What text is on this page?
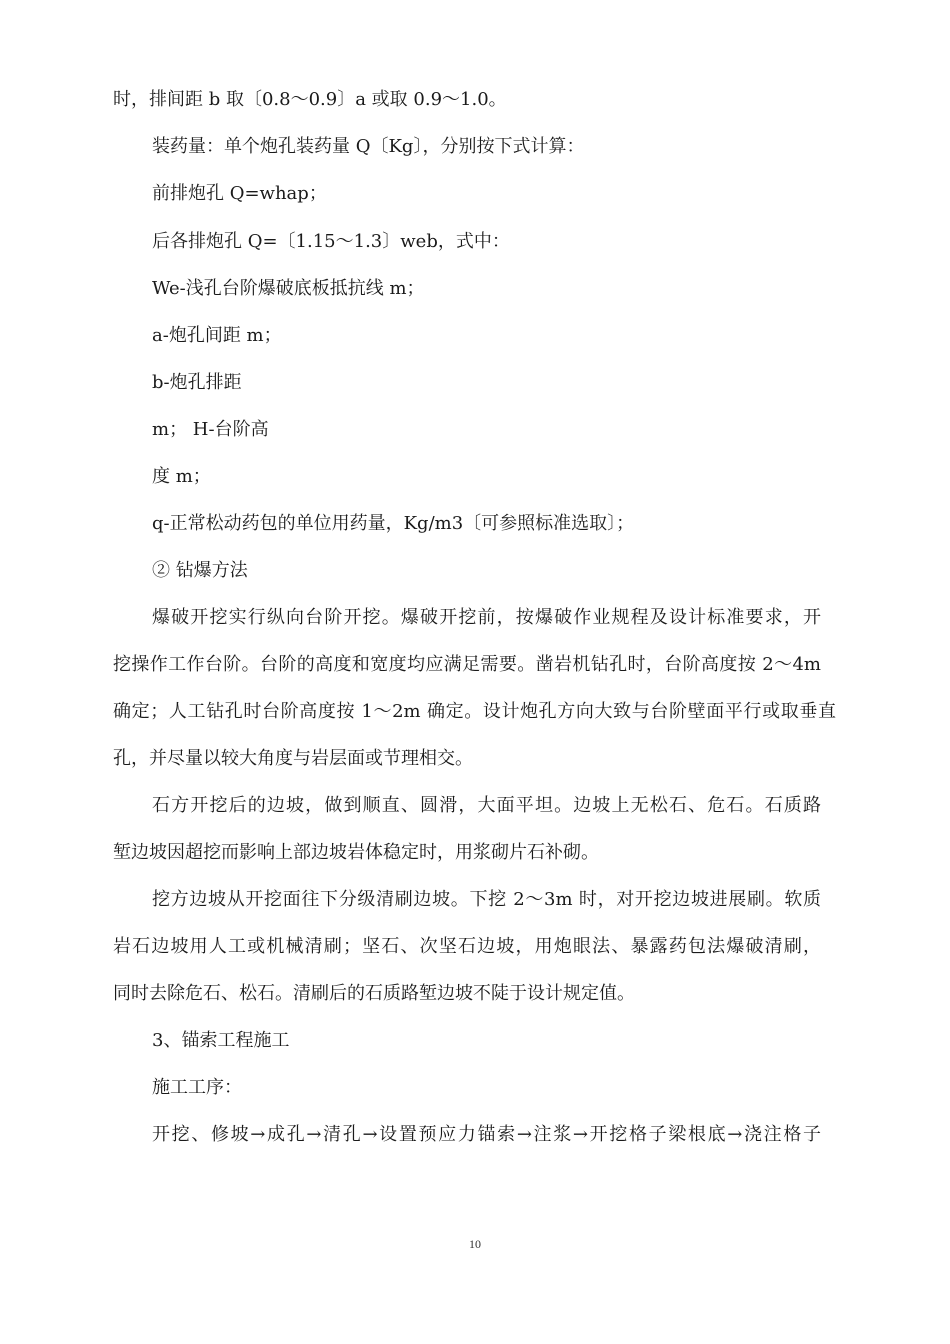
时，排间距 b 取〔0.8～0.9〕a 或取 0.9～1.0。
装药量：单个炮孔装药量 Q〔Kg〕，分别按下式计算：
前排炮孔 Q=whap；
后各排炮孔 Q=〔1.15～1.3〕web，式中：
We-浅孔台阶爆破底板抵抗线 m；
a-炮孔间距 m；
b-炮孔排距
m； H-台阶高
度 m；
q-正常松动药包的单位用药量，Kg/m3〔可参照标准选取〕；
② 钻爆方法
爆破开挖实行纵向台阶开挖。爆破开挖前，按爆破作业规程及设计标准要求，开
挖操作工作台阶。台阶的高度和宽度均应满足需要。凿岩机钻孔时，台阶高度按 2～4m
确定；人工钻孔时台阶高度按 1～2m 确定。设计炮孔方向大致与台阶壁面平行或取垂直
孔，并尽量以较大角度与岩层面或节理相交。
石方开挖后的边坡，做到顺直、圆滑，大面平坦。边坡上无松石、危石。石质路
堑边坡因超挖而影响上部边坡岩体稳定时，用浆砌片石补砌。
挖方边坡从开挖面往下分级清刷边坡。下挖 2～3m 时，对开挖边坡进展刷。软质
岩石边坡用人工或机械清刷；坚石、次坚石边坡，用炮眼法、暴露药包法爆破清刷，
同时去除危石、松石。清刷后的石质路堑边坡不陡于设计规定值。
3、锚索工程施工
施工工序：
开挖、修坡→成孔→清孔→设置预应力锚索→注浆→开挖格子梁根底→浇注格子
10
